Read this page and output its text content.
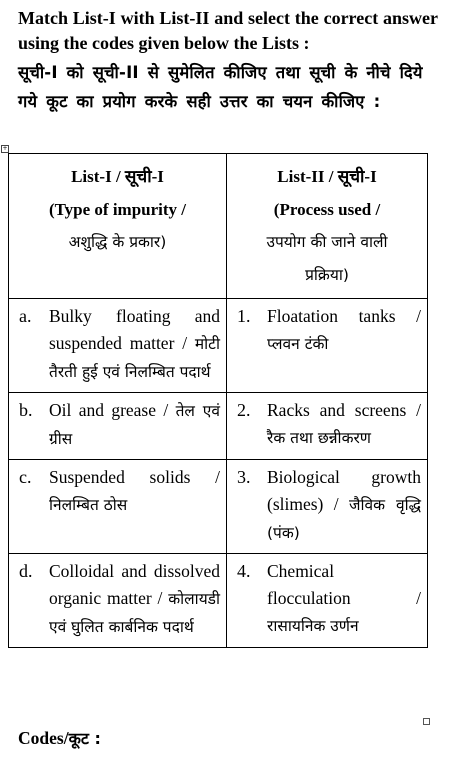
Match List-I with List-II and select the correct answer using the codes given below the Lists :

सूची-I को सूची-II से सुमेलित कीजिए तथा सूची के नीचे दिये गये कूट का प्रयोग करके सही उत्तर का चयन कीजिए :

+
List-I / सूची-I
(Type of impurity /
अशुद्धि के प्रकार)	List-II / सूची-I
(Process used /
उपयोग की जाने वाली
प्रक्रिया)

a. Bulky floating and suspended matter / मोटी तैरती हुई एवं निलम्बित पदार्थ	1. Floatation tanks / प्लवन टंकी

b. Oil and grease / तेल एवं ग्रीस	2. Racks and screens / रैक तथा छन्नीकरण

c. Suspended solids / निलम्बित ठोस	3. Biological growth (slimes) / जैविक वृद्धि (पंक)

d. Colloidal and dissolved organic matter / कोलायडी एवं घुलित कार्बनिक पदार्थ	4. Chemical flocculation / रासायनिक उर्णन
Codes/कूट :
